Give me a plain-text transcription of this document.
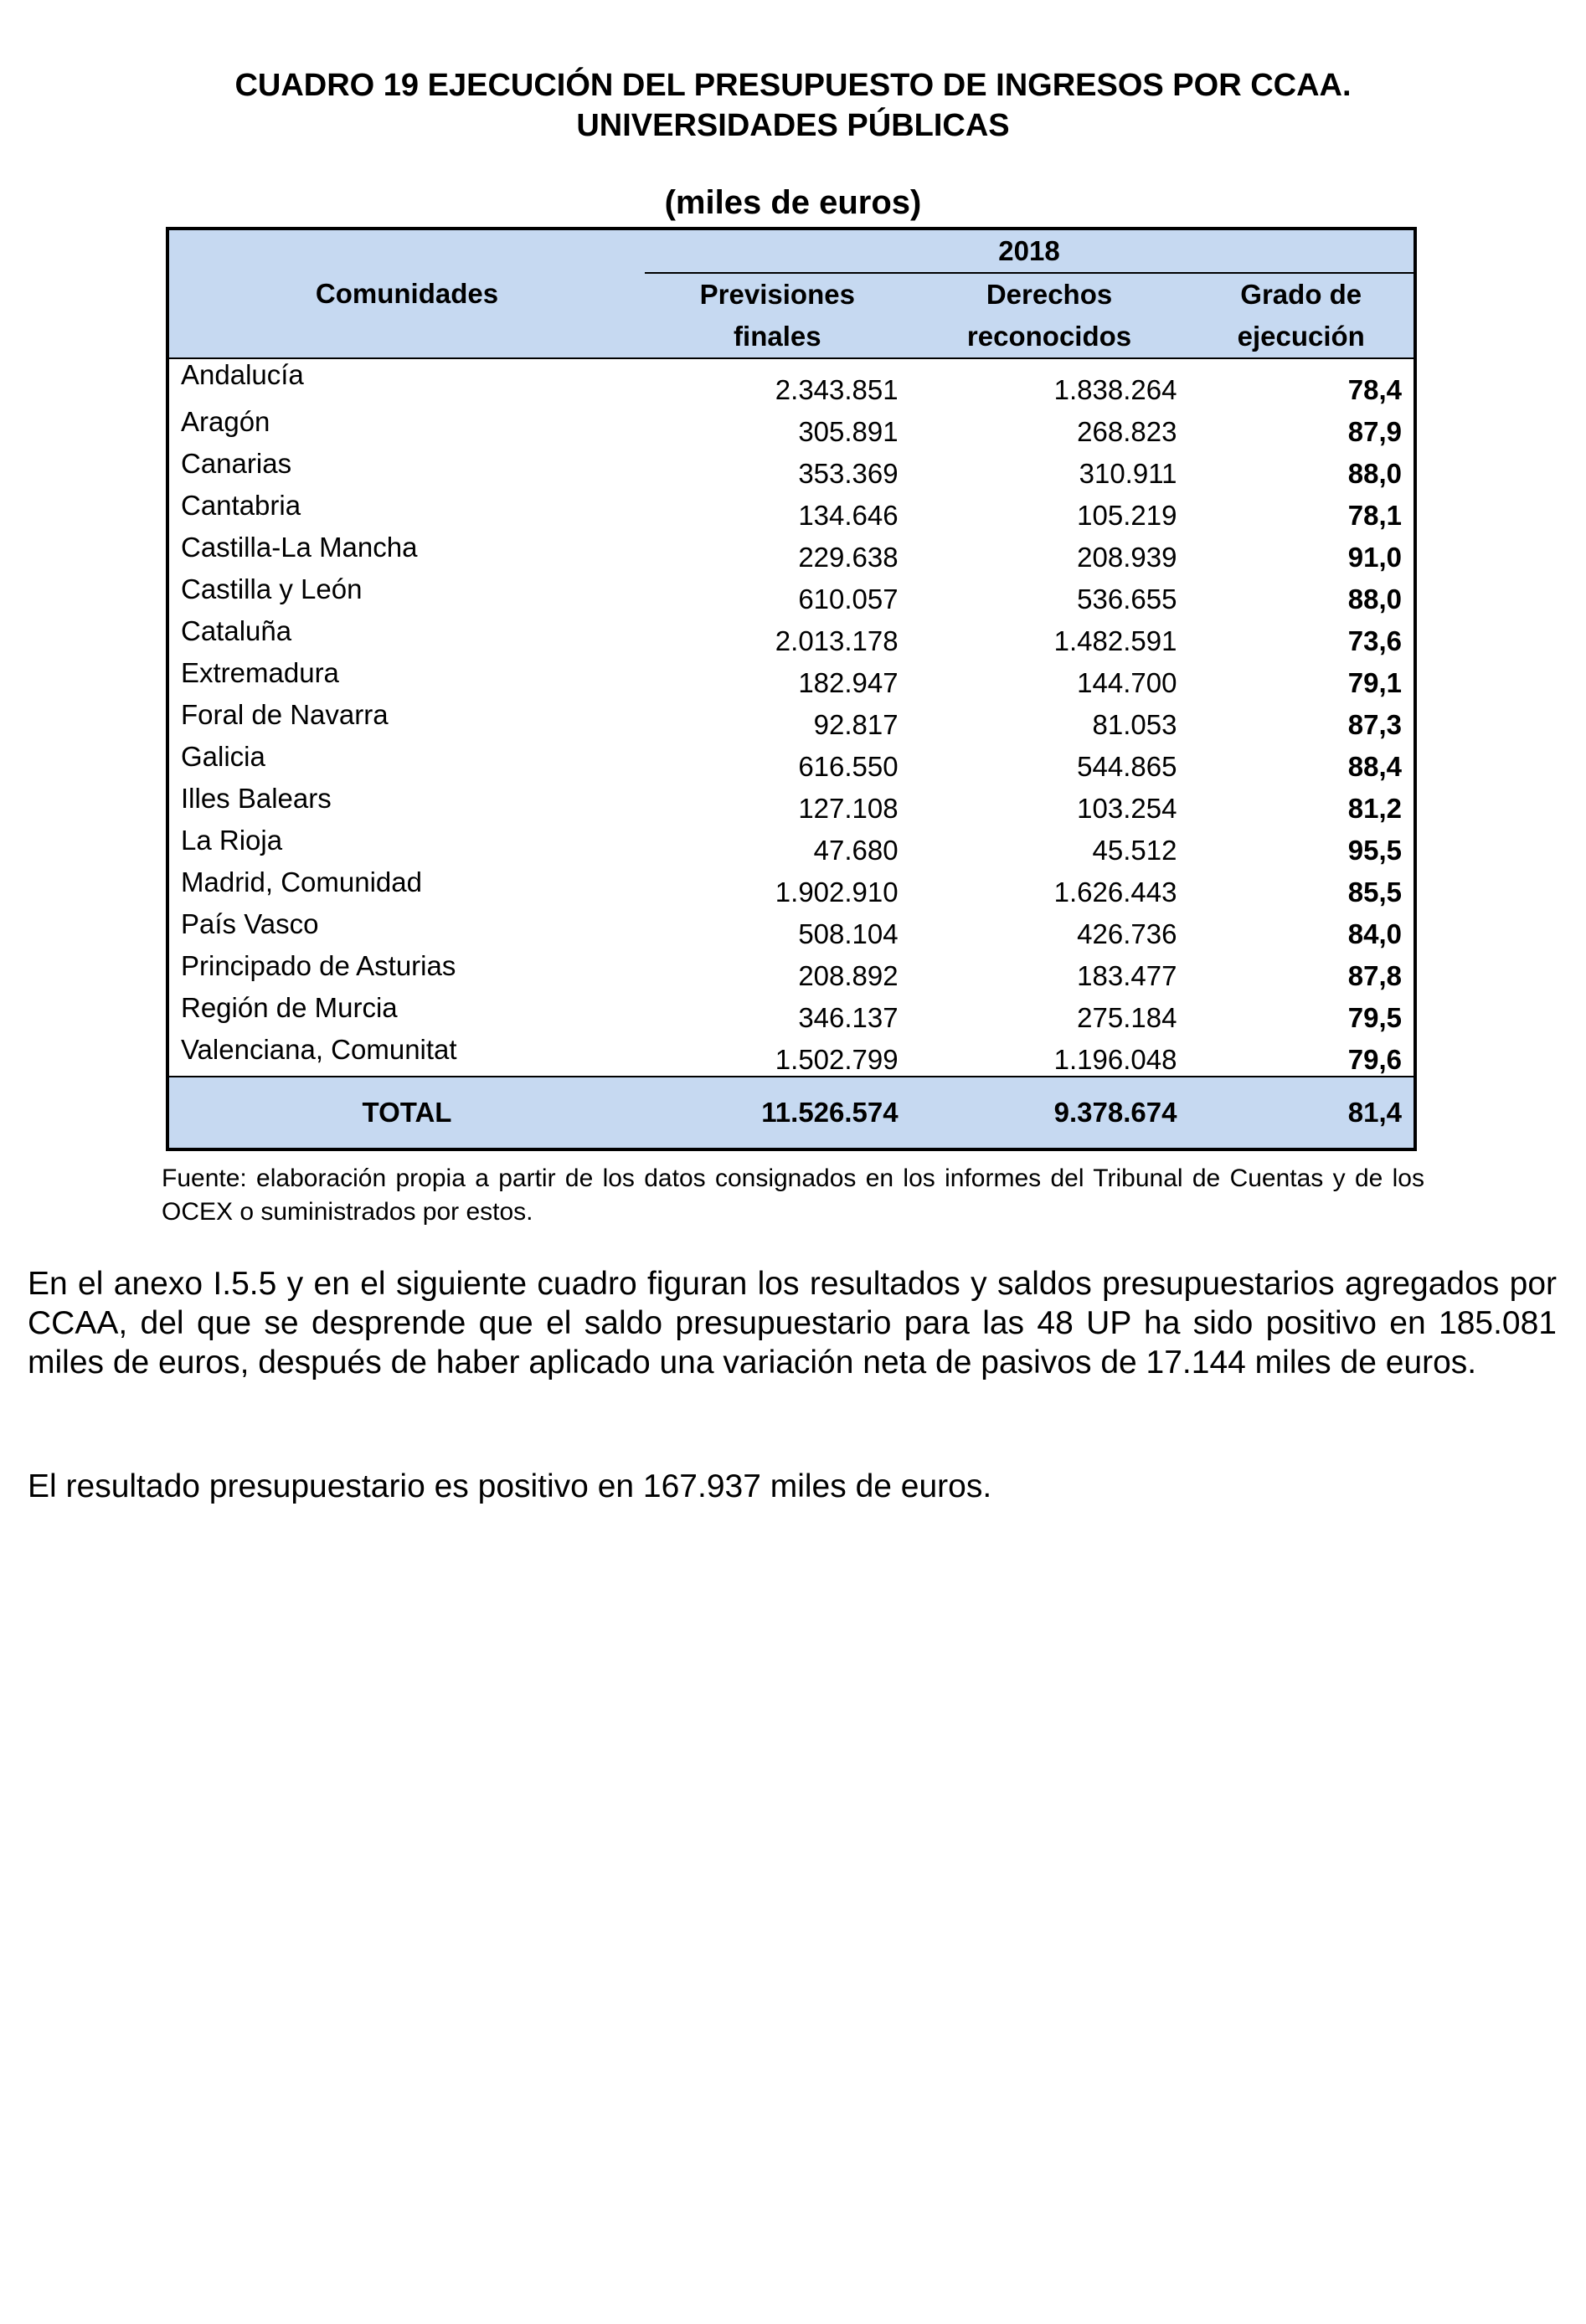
CUADRO 19 EJECUCIÓN DEL PRESUPUESTO DE INGRESOS POR CCAA.
UNIVERSIDADES PÚBLICAS
(miles de euros)
Comunidades	2018		
	Previsiones	Derechos	Grado de
	finales	reconocidos	ejecución
Andalucía	2.343.851	1.838.264	78,4
Aragón	305.891	268.823	87,9
Canarias	353.369	310.911	88,0
Cantabria	134.646	105.219	78,1
Castilla-La Mancha	229.638	208.939	91,0
Castilla y León	610.057	536.655	88,0
Cataluña	2.013.178	1.482.591	73,6
Extremadura	182.947	144.700	79,1
Foral de Navarra	92.817	81.053	87,3
Galicia	616.550	544.865	88,4
Illes Balears	127.108	103.254	81,2
La Rioja	47.680	45.512	95,5
Madrid, Comunidad	1.902.910	1.626.443	85,5
País Vasco	508.104	426.736	84,0
Principado de Asturias	208.892	183.477	87,8
Región de Murcia	346.137	275.184	79,5
Valenciana, Comunitat	1.502.799	1.196.048	79,6
TOTAL	11.526.574	9.378.674	81,4
Fuente: elaboración propia a partir de los datos consignados en los informes del Tribunal de Cuentas y de los OCEX o suministrados por estos.
En el anexo I.5.5 y en el siguiente cuadro figuran los resultados y saldos presupuestarios agregados por CCAA, del que se desprende que el saldo presupuestario para las 48 UP ha sido positivo en 185.081 miles de euros, después de haber aplicado una variación neta de pasivos de 17.144 miles de euros.
El resultado presupuestario es positivo en 167.937 miles de euros.
